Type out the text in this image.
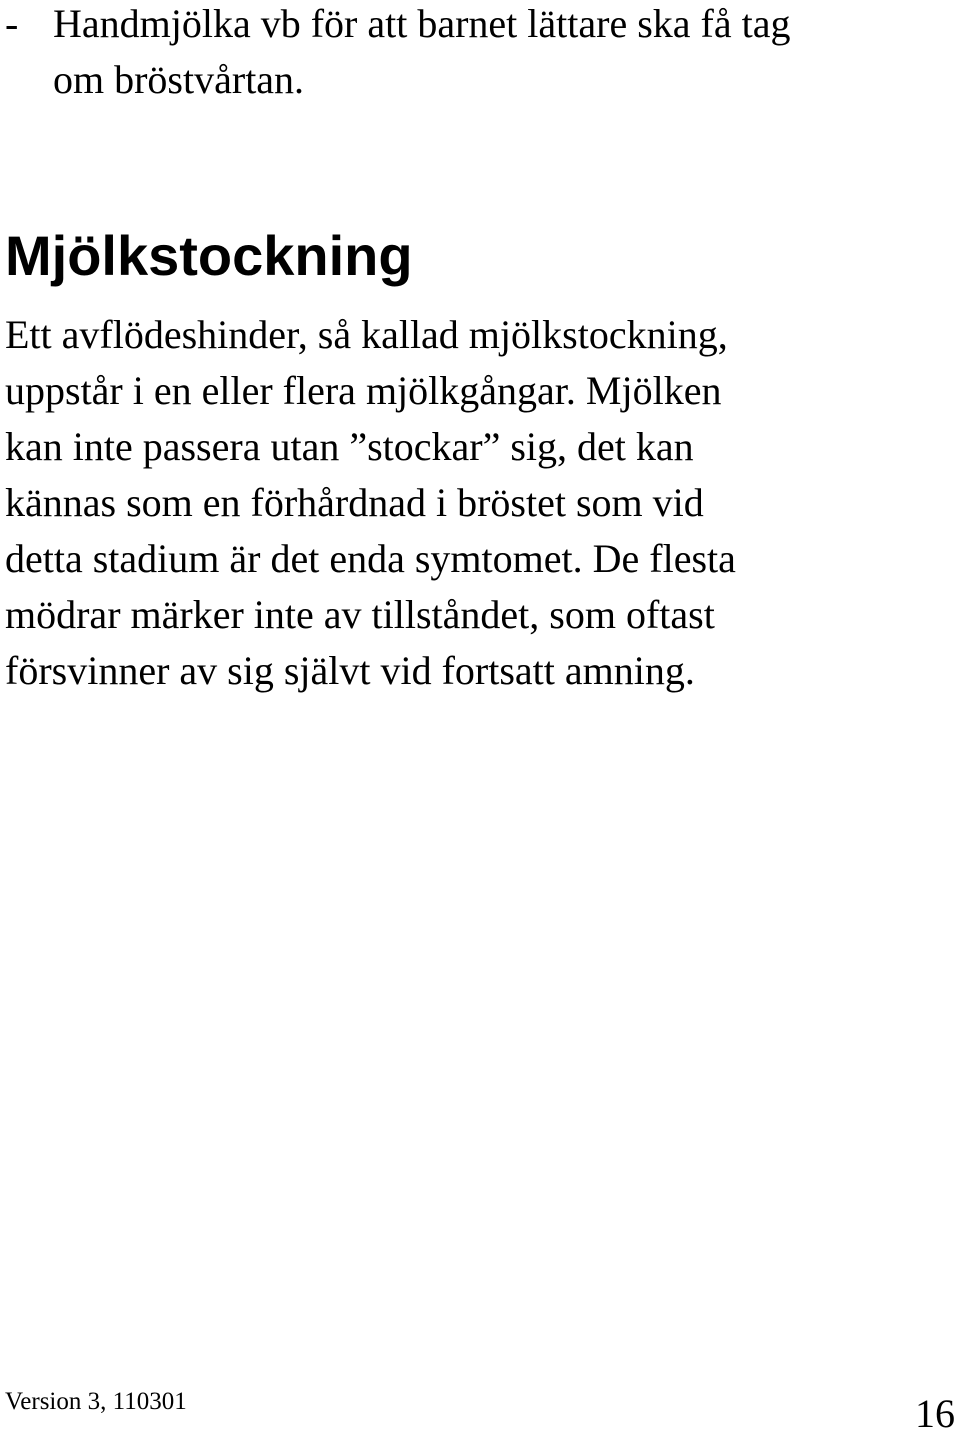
- Handmjölka vb för att barnet lättare ska få tag
om bröstvårtan.
Mjölkstockning
Ett avflödeshinder, så kallad mjölkstockning,
uppstår i en eller flera mjölkgångar. Mjölken
kan inte passera utan ”stockar” sig, det kan
kännas som en förhårdnad i bröstet som vid
detta stadium är det enda symtomet. De flesta
mödrar märker inte av tillståndet, som oftast
försvinner av sig självt vid fortsatt amning.
Version 3, 110301	16
